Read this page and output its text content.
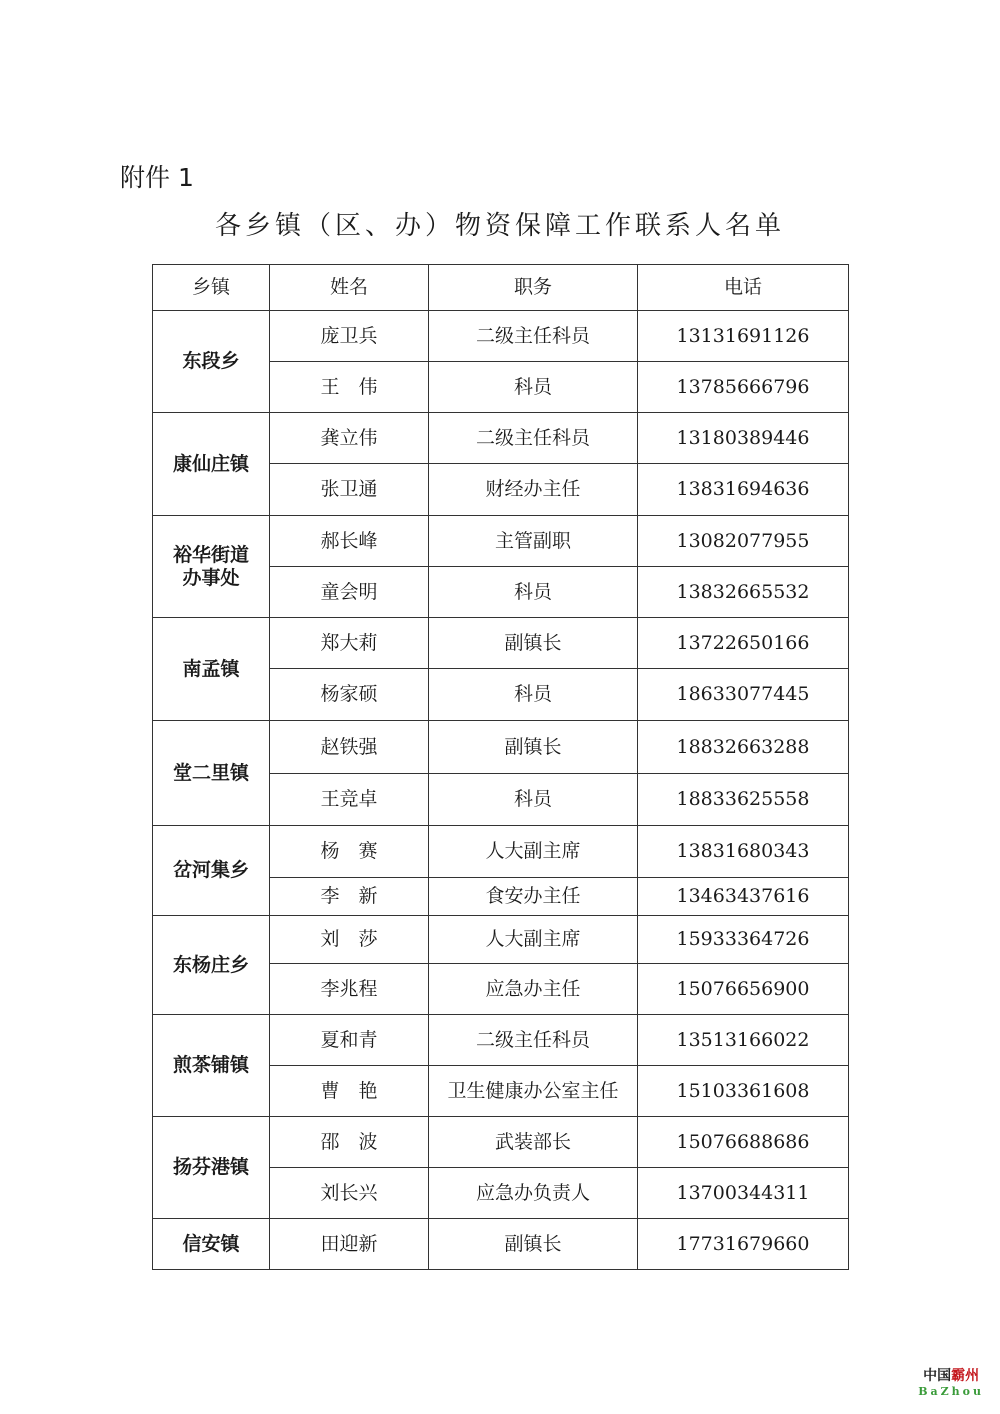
附件 1
各乡镇（区、办）物资保障工作联系人名单
乡镇	姓名	职务	电话
东段乡	庞卫兵	二级主任科员	13131691126
	王　伟	科员	13785666796
康仙庄镇	龚立伟	二级主任科员	13180389446
	张卫通	财经办主任	13831694636

裕华街道办事处	郝长峰	主管副职	13082077955
	童会明	科员	13832665532
南孟镇	郑大莉	副镇长	13722650166
	杨家硕	科员	18633077445
堂二里镇	赵铁强	副镇长	18832663288
	王竞卓	科员	18833625558
岔河集乡	杨　赛	人大副主席	13831680343
	李　新	食安办主任	13463437616
东杨庄乡	刘　莎	人大副主席	15933364726
	李兆程	应急办主任	15076656900
煎茶铺镇	夏和青	二级主任科员	13513166022
	曹　艳	卫生健康办公室主任	15103361608
扬芬港镇	邵　波	武装部长	15076688686
	刘长兴	应急办负责人	13700344311
信安镇	田迎新	副镇长	17731679660
中国霸州
BaZhou
